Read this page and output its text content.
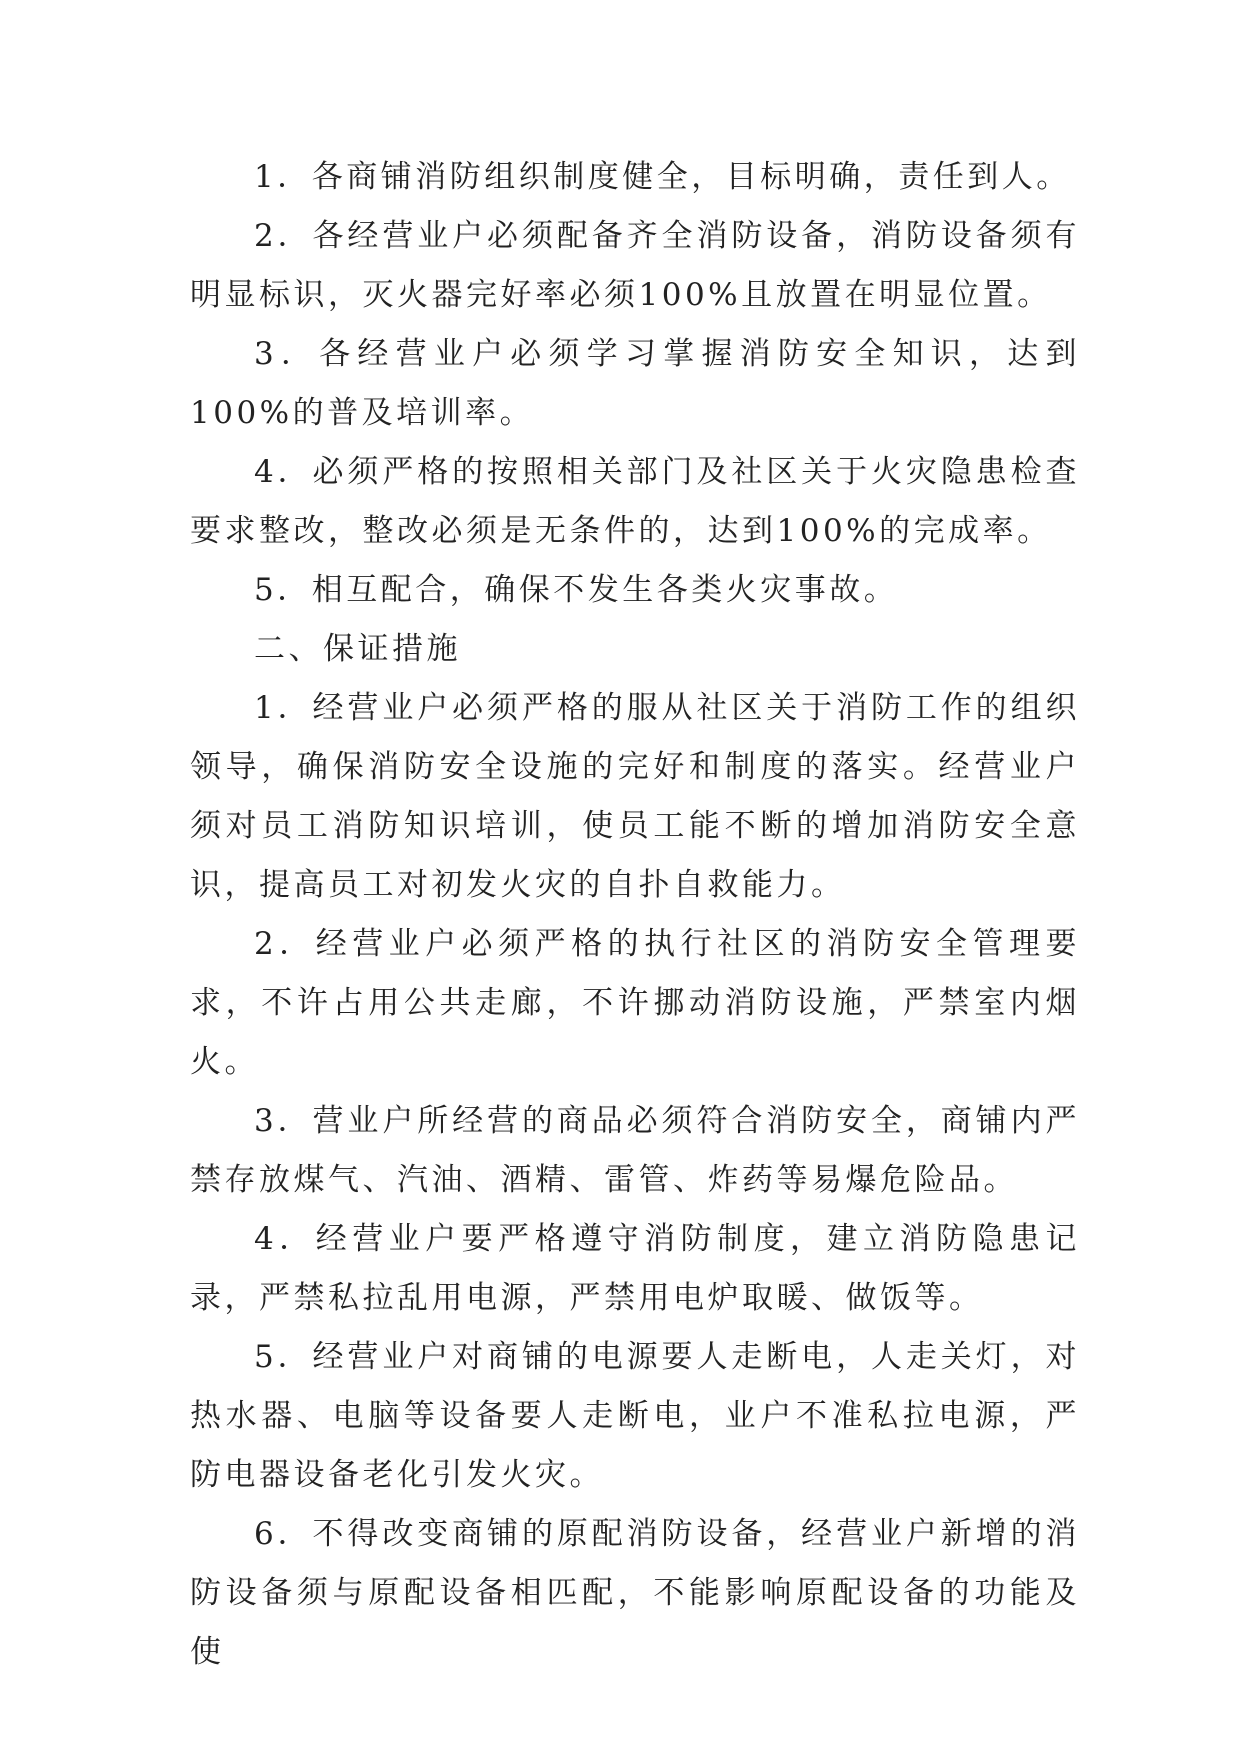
1．各商铺消防组织制度健全，目标明确，责任到人。

2．各经营业户必须配备齐全消防设备，消防设备须有明显标识，灭火器完好率必须100%且放置在明显位置。

3．各经营业户必须学习掌握消防安全知识，达到100%的普及培训率。

4．必须严格的按照相关部门及社区关于火灾隐患检查要求整改，整改必须是无条件的，达到100%的完成率。

5．相互配合，确保不发生各类火灾事故。

二、保证措施

1．经营业户必须严格的服从社区关于消防工作的组织领导，确保消防安全设施的完好和制度的落实。经营业户须对员工消防知识培训，使员工能不断的增加消防安全意识，提高员工对初发火灾的自扑自救能力。

2．经营业户必须严格的执行社区的消防安全管理要求，不许占用公共走廊，不许挪动消防设施，严禁室内烟火。

3．营业户所经营的商品必须符合消防安全，商铺内严禁存放煤气、汽油、酒精、雷管、炸药等易爆危险品。

4．经营业户要严格遵守消防制度，建立消防隐患记录，严禁私拉乱用电源，严禁用电炉取暖、做饭等。

5．经营业户对商铺的电源要人走断电，人走关灯，对热水器、电脑等设备要人走断电，业户不准私拉电源，严防电器设备老化引发火灾。

6．不得改变商铺的原配消防设备，经营业户新增的消防设备须与原配设备相匹配，不能影响原配设备的功能及使
